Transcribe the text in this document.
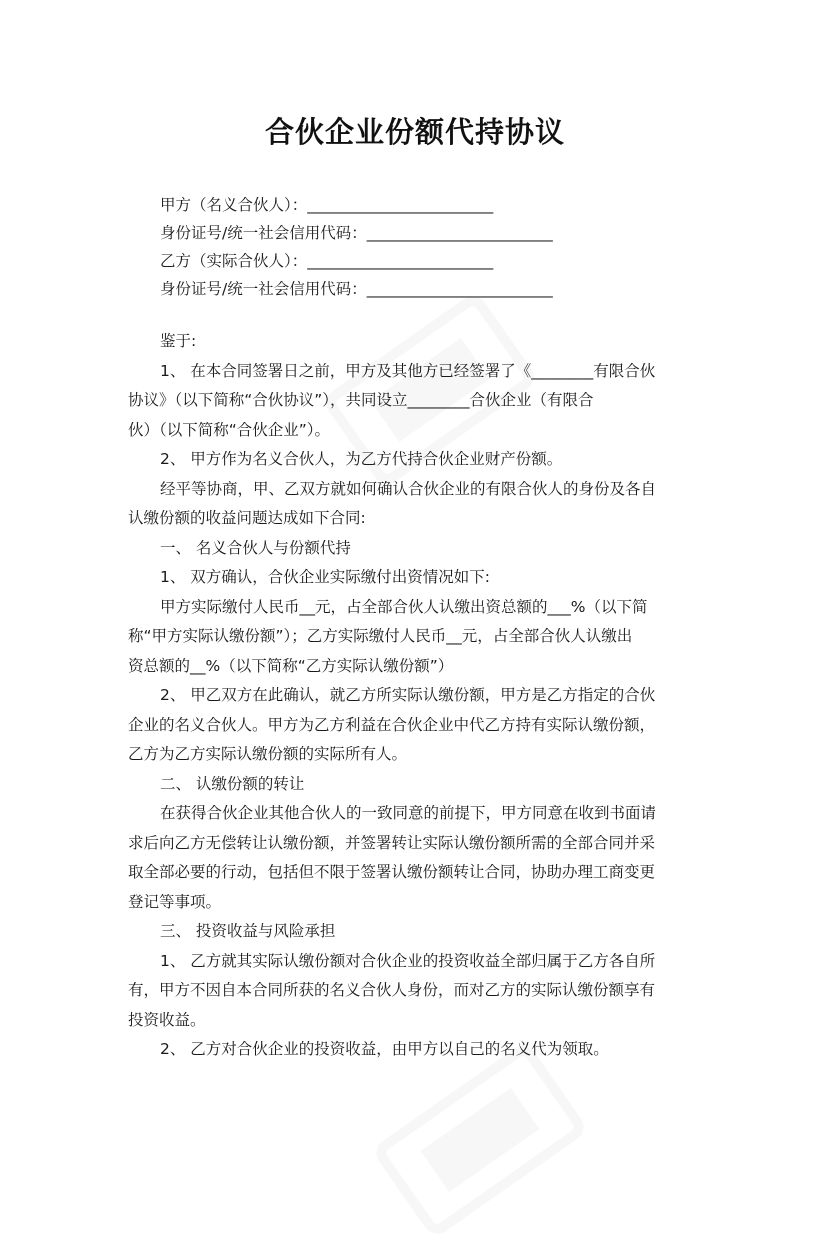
合伙企业份额代持协议
甲方（名义合伙人）：________________________
身份证号/统一社会信用代码：________________________
乙方（实际合伙人）：________________________
身份证号/统一社会信用代码：________________________
鉴于:
1、 在本合同签署日之前，甲方及其他方已经签署了《________有限合伙
协议》（以下简称“合伙协议”），共同设立________合伙企业（有限合
伙）（以下简称“合伙企业”）。
2、 甲方作为名义合伙人，为乙方代持合伙企业财产份额。
经平等协商，甲、乙双方就如何确认合伙企业的有限合伙人的身份及各自
认缴份额的收益问题达成如下合同:
一、 名义合伙人与份额代持
1、 双方确认，合伙企业实际缴付出资情况如下:
甲方实际缴付人民币__元，占全部合伙人认缴出资总额的___%（以下简
称“甲方实际认缴份额”）；乙方实际缴付人民币__元，占全部合伙人认缴出
资总额的__%（以下简称“乙方实际认缴份额”）
2、 甲乙双方在此确认，就乙方所实际认缴份额，甲方是乙方指定的合伙
企业的名义合伙人。甲方为乙方利益在合伙企业中代乙方持有实际认缴份额，
乙方为乙方实际认缴份额的实际所有人。
二、 认缴份额的转让
在获得合伙企业其他合伙人的一致同意的前提下，甲方同意在收到书面请
求后向乙方无偿转让认缴份额，并签署转让实际认缴份额所需的全部合同并采
取全部必要的行动，包括但不限于签署认缴份额转让合同，协助办理工商变更
登记等事项。
三、 投资收益与风险承担
1、 乙方就其实际认缴份额对合伙企业的投资收益全部归属于乙方各自所
有，甲方不因自本合同所获的名义合伙人身份，而对乙方的实际认缴份额享有
投资收益。
2、 乙方对合伙企业的投资收益，由甲方以自己的名义代为领取。
